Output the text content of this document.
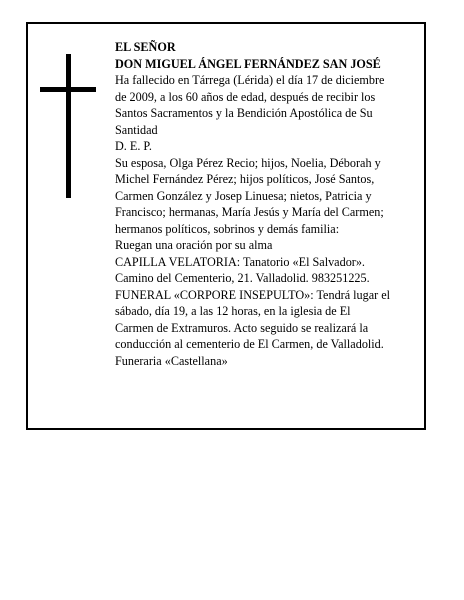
EL SEÑOR
DON MIGUEL ÁNGEL FERNÁNDEZ SAN JOSÉ
Ha fallecido en Tárrega (Lérida) el día 17 de diciembre
de 2009, a los 60 años de edad, después de recibir los
Santos Sacramentos y la Bendición Apostólica de Su
Santidad
D. E. P.
Su esposa, Olga Pérez Recio; hijos, Noelia, Déborah y
Michel Fernández Pérez; hijos políticos, José Santos,
Carmen González y Josep Linuesa; nietos, Patricia y
Francisco; hermanas, María Jesús y María del Carmen;
hermanos políticos, sobrinos y demás familia:
Ruegan una oración por su alma
CAPILLA VELATORIA: Tanatorio «El Salvador».
Camino del Cementerio, 21. Valladolid. 983251225.
FUNERAL «CORPORE INSEPULTO»: Tendrá lugar el
sábado, día 19, a las 12 horas, en la iglesia de El
Carmen de Extramuros. Acto seguido se realizará la
conducción al cementerio de El Carmen, de Valladolid.
Funeraria «Castellana»
